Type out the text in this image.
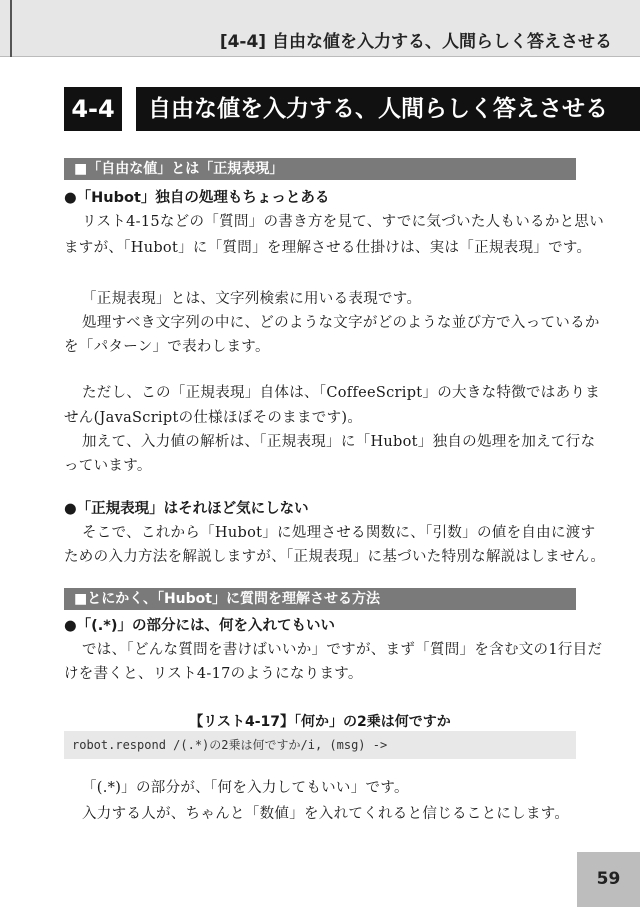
[4-4] 自由な値を入力する、人間らしく答えさせる
4-4	自由な値を入力する、人間らしく答えさせる
■「自由な値」とは「正規表現」
●「Hubot」独自の処理もちょっとある
リスト4-15などの「質問」の書き方を見て、すでに気づいた人もいるかと思い
ますが、「Hubot」に「質問」を理解させる仕掛けは、実は「正規表現」です。
「正規表現」とは、文字列検索に用いる表現です。
処理すべき文字列の中に、どのような文字がどのような並び方で入っているか
を「パターン」で表わします。
ただし、この「正規表現」自体は、「CoffeeScript」の大きな特徴ではありま
せん(JavaScriptの仕様ほぼそのままです)。
加えて、入力値の解析は、「正規表現」に「Hubot」独自の処理を加えて行な
っています。
●「正規表現」はそれほど気にしない
そこで、これから「Hubot」に処理させる関数に、「引数」の値を自由に渡す
ための入力方法を解説しますが、「正規表現」に基づいた特別な解説はしません。
■とにかく、「Hubot」に質問を理解させる方法
●「(.*)」の部分には、何を入れてもいい
では、「どんな質問を書けばいいか」ですが、まず「質問」を含む文の1行目だ
けを書くと、リスト4-17のようになります。
【リスト4-17】「何か」の2乗は何ですか
robot.respond /(.*)の2乗は何ですか/i, (msg) ->
「(.*)」の部分が、「何を入力してもいい」です。
入力する人が、ちゃんと「数値」を入れてくれると信じることにします。
59
